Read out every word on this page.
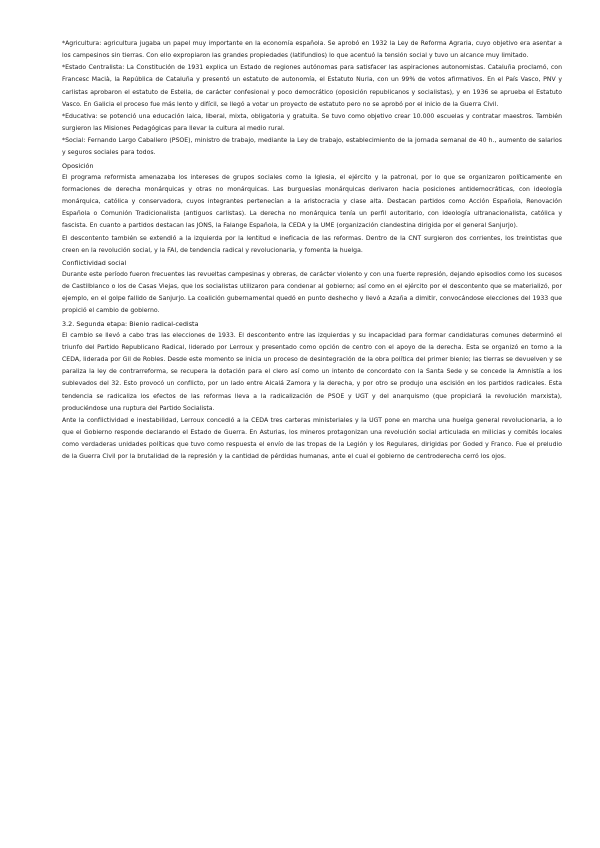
*Agricultura: agricultura jugaba un papel muy importante en la economía española. Se aprobó en 1932 la Ley de Reforma Agraria, cuyo objetivo era asentar a los campesinos sin tierras. Con ello expropiaron las grandes propiedades (latifundios) lo que acentuó la tensión social y tuvo un alcance muy limitado.

*Estado Centralista: La Constitución de 1931 explica un Estado de regiones autónomas para satisfacer las aspiraciones autonomistas. Cataluña proclamó, con Francesc Macià, la República de Cataluña y presentó un estatuto de autonomía, el Estatuto Nuria, con un 99% de votos afirmativos. En el País Vasco, PNV y carlistas aprobaron el estatuto de Estella, de carácter confesional y poco democrático (oposición republicanos y socialistas), y en 1936 se aprueba el Estatuto Vasco. En Galicia el proceso fue más lento y difícil, se llegó a votar un proyecto de estatuto pero no se aprobó por el inicio de la Guerra Civil.

*Educativa: se potenció una educación laica, liberal, mixta, obligatoria y gratuita. Se tuvo como objetivo crear 10.000 escuelas y contratar maestros. También surgieron las Misiones Pedagógicas para llevar la cultura al medio rural.

*Social: Fernando Largo Caballero (PSOE), ministro de trabajo, mediante la Ley de trabajo, establecimiento de la jornada semanal de 40 h., aumento de salarios y seguros sociales para todos.

Oposición

El programa reformista amenazaba los intereses de grupos sociales como la Iglesia, el ejército y la patronal, por lo que se organizaron políticamente en formaciones de derecha monárquicas y otras no monárquicas. Las burguesías monárquicas derivaron hacia posiciones antidemocráticas, con ideología monárquica, católica y conservadora, cuyos integrantes pertenecían a la aristocracia y clase alta. Destacan partidos como Acción Española, Renovación Española o Comunión Tradicionalista (antiguos carlistas). La derecha no monárquica tenía un perfil autoritario, con ideología ultranacionalista, católica y fascista. En cuanto a partidos destacan las JONS, la Falange Española, la CEDA y la UME (organización clandestina dirigida por el general Sanjurjo).

El descontento también se extendió a la izquierda por la lentitud e ineficacia de las reformas. Dentro de la CNT surgieron dos corrientes, los treintistas que creen en la revolución social, y la FAI, de tendencia radical y revolucionaria, y fomenta la huelga.

Conflictividad social

Durante este período fueron frecuentes las revueltas campesinas y obreras, de carácter violento y con una fuerte represión, dejando episodios como los sucesos de Castilblanco o los de Casas Viejas, que los socialistas utilizaron para condenar al gobierno; así como en el ejército por el descontento que se materializó, por ejemplo, en el golpe fallido de Sanjurjo. La coalición gubernamental quedó en punto deshecho y llevó a Azaña a dimitir, convocándose elecciones del 1933 que propició el cambio de gobierno.

3.2. Segunda etapa: Bienio radical-cedista

El cambio se llevó a cabo tras las elecciones de 1933. El descontento entre las izquierdas y su incapacidad para formar candidaturas comunes determinó el triunfo del Partido Republicano Radical, liderado por Lerroux y presentado como opción de centro con el apoyo de la derecha. Esta se organizó en torno a la CEDA, liderada por Gil de Robles. Desde este momento se inicia un proceso de desintegración de la obra política del primer bienio; las tierras se devuelven y se paraliza la ley de contrarreforma, se recupera la dotación para el clero así como un intento de concordato con la Santa Sede y se concede la Amnistía a los sublevados del 32. Esto provocó un conflicto, por un lado entre Alcalá Zamora y la derecha, y por otro se produjo una escisión en los partidos radicales. Esta tendencia se radicaliza los efectos de las reformas lleva a la radicalización de PSOE y UGT y del anarquismo (que propiciará la revolución marxista), produciéndose una ruptura del Partido Socialista.

Ante la conflictividad e inestabilidad, Lerroux concedió a la CEDA tres carteras ministeriales y la UGT pone en marcha una huelga general revolucionaria, a lo que el Gobierno responde declarando el Estado de Guerra. En Asturias, los mineros protagonizan una revolución social articulada en milicias y comités locales como verdaderas unidades políticas que tuvo como respuesta el envío de las tropas de la Legión y los Regulares, dirigidas por Goded y Franco. Fue el preludio de la Guerra Civil por la brutalidad de la represión y la cantidad de pérdidas humanas, ante el cual el gobierno de centroderecha cerró los ojos.
